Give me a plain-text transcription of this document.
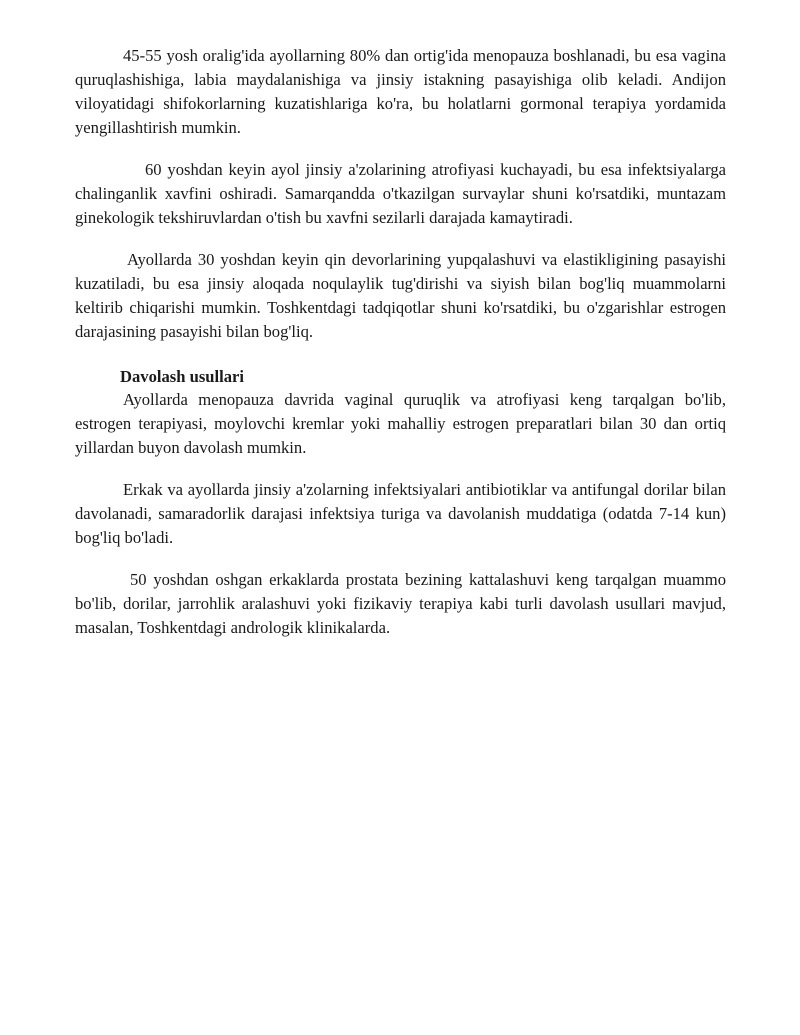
45-55 yosh oralig'ida ayollarning 80% dan ortig'ida menopauza boshlanadi, bu esa vagina quruqlashishiga, labia maydalanishiga va jinsiy istakning pasayishiga olib keladi. Andijon viloyatidagi shifokorlarning kuzatishlariga ko'ra, bu holatlarni gormonal terapiya yordamida yengillashtirish mumkin.

60 yoshdan keyin ayol jinsiy a'zolarining atrofiyasi kuchayadi, bu esa infektsiyalarga chalinganlik xavfini oshiradi. Samarqandda o'tkazilgan survaylar shuni ko'rsatdiki, muntazam ginekologik tekshiruvlardan o'tish bu xavfni sezilarli darajada kamaytiradi.

Ayollarda 30 yoshdan keyin qin devorlarining yupqalashuvi va elastikligining pasayishi kuzatiladi, bu esa jinsiy aloqada noqulaylik tug'dirishi va siyish bilan bog'liq muammolarni keltirib chiqarishi mumkin. Toshkentdagi tadqiqotlar shuni ko'rsatdiki, bu o'zgarishlar estrogen darajasining pasayishi bilan bog'liq.

Davolash usullari

Ayollarda menopauza davrida vaginal quruqlik va atrofiyasi keng tarqalgan bo'lib, estrogen terapiyasi, moylovchi kremlar yoki mahalliy estrogen preparatlari bilan 30 dan ortiq yillardan buyon davolash mumkin.

Erkak va ayollarda jinsiy a'zolarning infektsiyalari antibiotiklar va antifungal dorilar bilan davolanadi, samaradorlik darajasi infektsiya turiga va davolanish muddatiga (odatda 7-14 kun) bog'liq bo'ladi.

50 yoshdan oshgan erkaklarda prostata bezining kattalashuvi keng tarqalgan muammo bo'lib, dorilar, jarrohlik aralashuvi yoki fizikaviy terapiya kabi turli davolash usullari mavjud, masalan, Toshkentdagi andrologik klinikalarda.
